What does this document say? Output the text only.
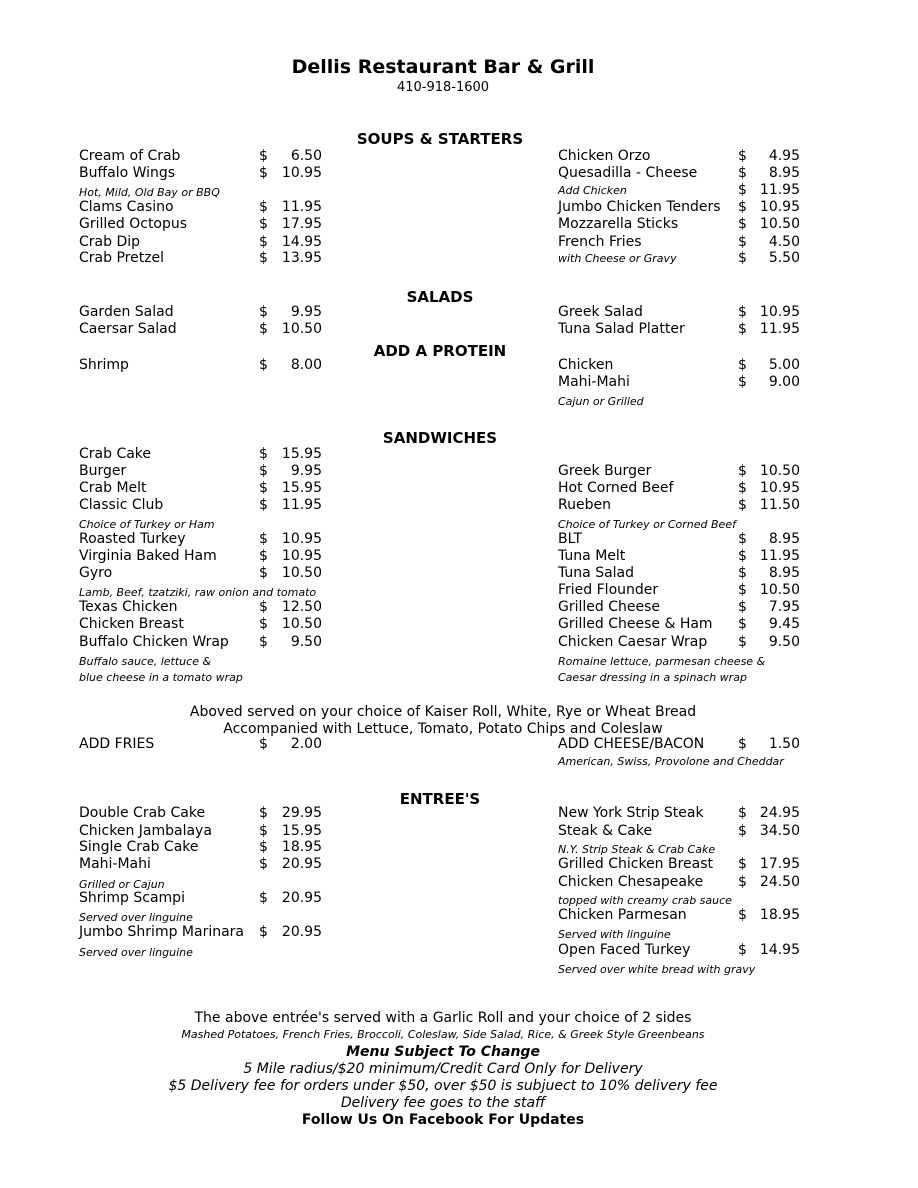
Dellis Restaurant Bar & Grill
410-918-1600
SOUPS & STARTERS
SALADS
ADD A PROTEIN
SANDWICHES
ENTREE'S
Cream of Crab	$	6.50
Buffalo Wings	$ 10.95
Hot, Mild, Old Bay or BBQ
Clams Casino	$ 11.95
Grilled Octopus	$ 17.95
Crab Dip	$ 14.95
Crab Pretzel	$ 13.95
Chicken Orzo	$	4.95
Quesadilla - Cheese	$	8.95
Add Chicken	$ 11.95
Jumbo Chicken Tenders $ 10.95
Mozzarella Sticks	$ 10.50
French Fries	$	4.50
with Cheese or Gravy	$	5.50
Garden Salad	$	9.95
Caersar Salad	$ 10.50
Shrimp	$	8.00
Greek Salad	$ 10.95
Tuna Salad Platter	$ 11.95
Chicken	$	5.00
Mahi-Mahi	$	9.00
Cajun or Grilled
Crab Cake	$ 15.95
Burger	$	9.95
Crab Melt	$ 15.95
Classic Club	$ 11.95
Choice of Turkey or Ham
Roasted Turkey	$ 10.95
Virginia Baked Ham	$ 10.95
Gyro	$ 10.50
Lamb, Beef, tzatziki, raw onion and tomato
Texas Chicken	$ 12.50
Chicken Breast	$ 10.50
Buffalo Chicken Wrap $	9.50
Buffalo sauce, lettuce &
blue cheese in a tomato wrap
Greek Burger	$ 10.50
Hot Corned Beef	$ 10.95
Rueben	$ 11.50
Choice of Turkey or Corned Beef
BLT	$	8.95
Tuna Melt	$ 11.95
Tuna Salad	$	8.95
Fried Flounder	$ 10.50
Grilled Cheese	$	7.95
Grilled Cheese & Ham $	9.45
Chicken Caesar Wrap $	9.50
Romaine lettuce, parmesan cheese &
Caesar dressing in a spinach wrap
Double Crab Cake	$ 29.95
Chicken Jambalaya	$ 15.95
Single Crab Cake	$ 18.95
Mahi-Mahi	$ 20.95
Grilled or Cajun
Shrimp Scampi	$ 20.95
Served over linguine
Jumbo Shrimp Marinara $ 20.95
Served over linguine
New York Strip Steak $ 24.95
Steak & Cake	$ 34.50
N.Y. Strip Steak & Crab Cake
Grilled Chicken Breast $ 17.95
Chicken Chesapeake $ 24.50
topped with creamy crab sauce
Chicken Parmesan	$ 18.95
Served with linguine
Open Faced Turkey	$ 14.95
Served over white bread with gravy
Aboved served on your choice of Kaiser Roll, White, Rye or Wheat Bread
Accompanied with Lettuce, Tomato, Potato Chips and Coleslaw
ADD FRIES	$	2.00	ADD CHEESE/BACON $	1.50
American, Swiss, Provolone and Cheddar
The above entrée's served with a Garlic Roll and your choice of 2 sides
Mashed Potatoes, French Fries, Broccoli, Coleslaw, Side Salad, Rice, & Greek Style Greenbeans
Menu Subject To Change
5 Mile radius/$20 minimum/Credit Card Only for Delivery
$5 Delivery fee for orders under $50, over $50 is subjuect to 10% delivery fee
Delivery fee goes to the staff
Follow Us On Facebook For Updates
